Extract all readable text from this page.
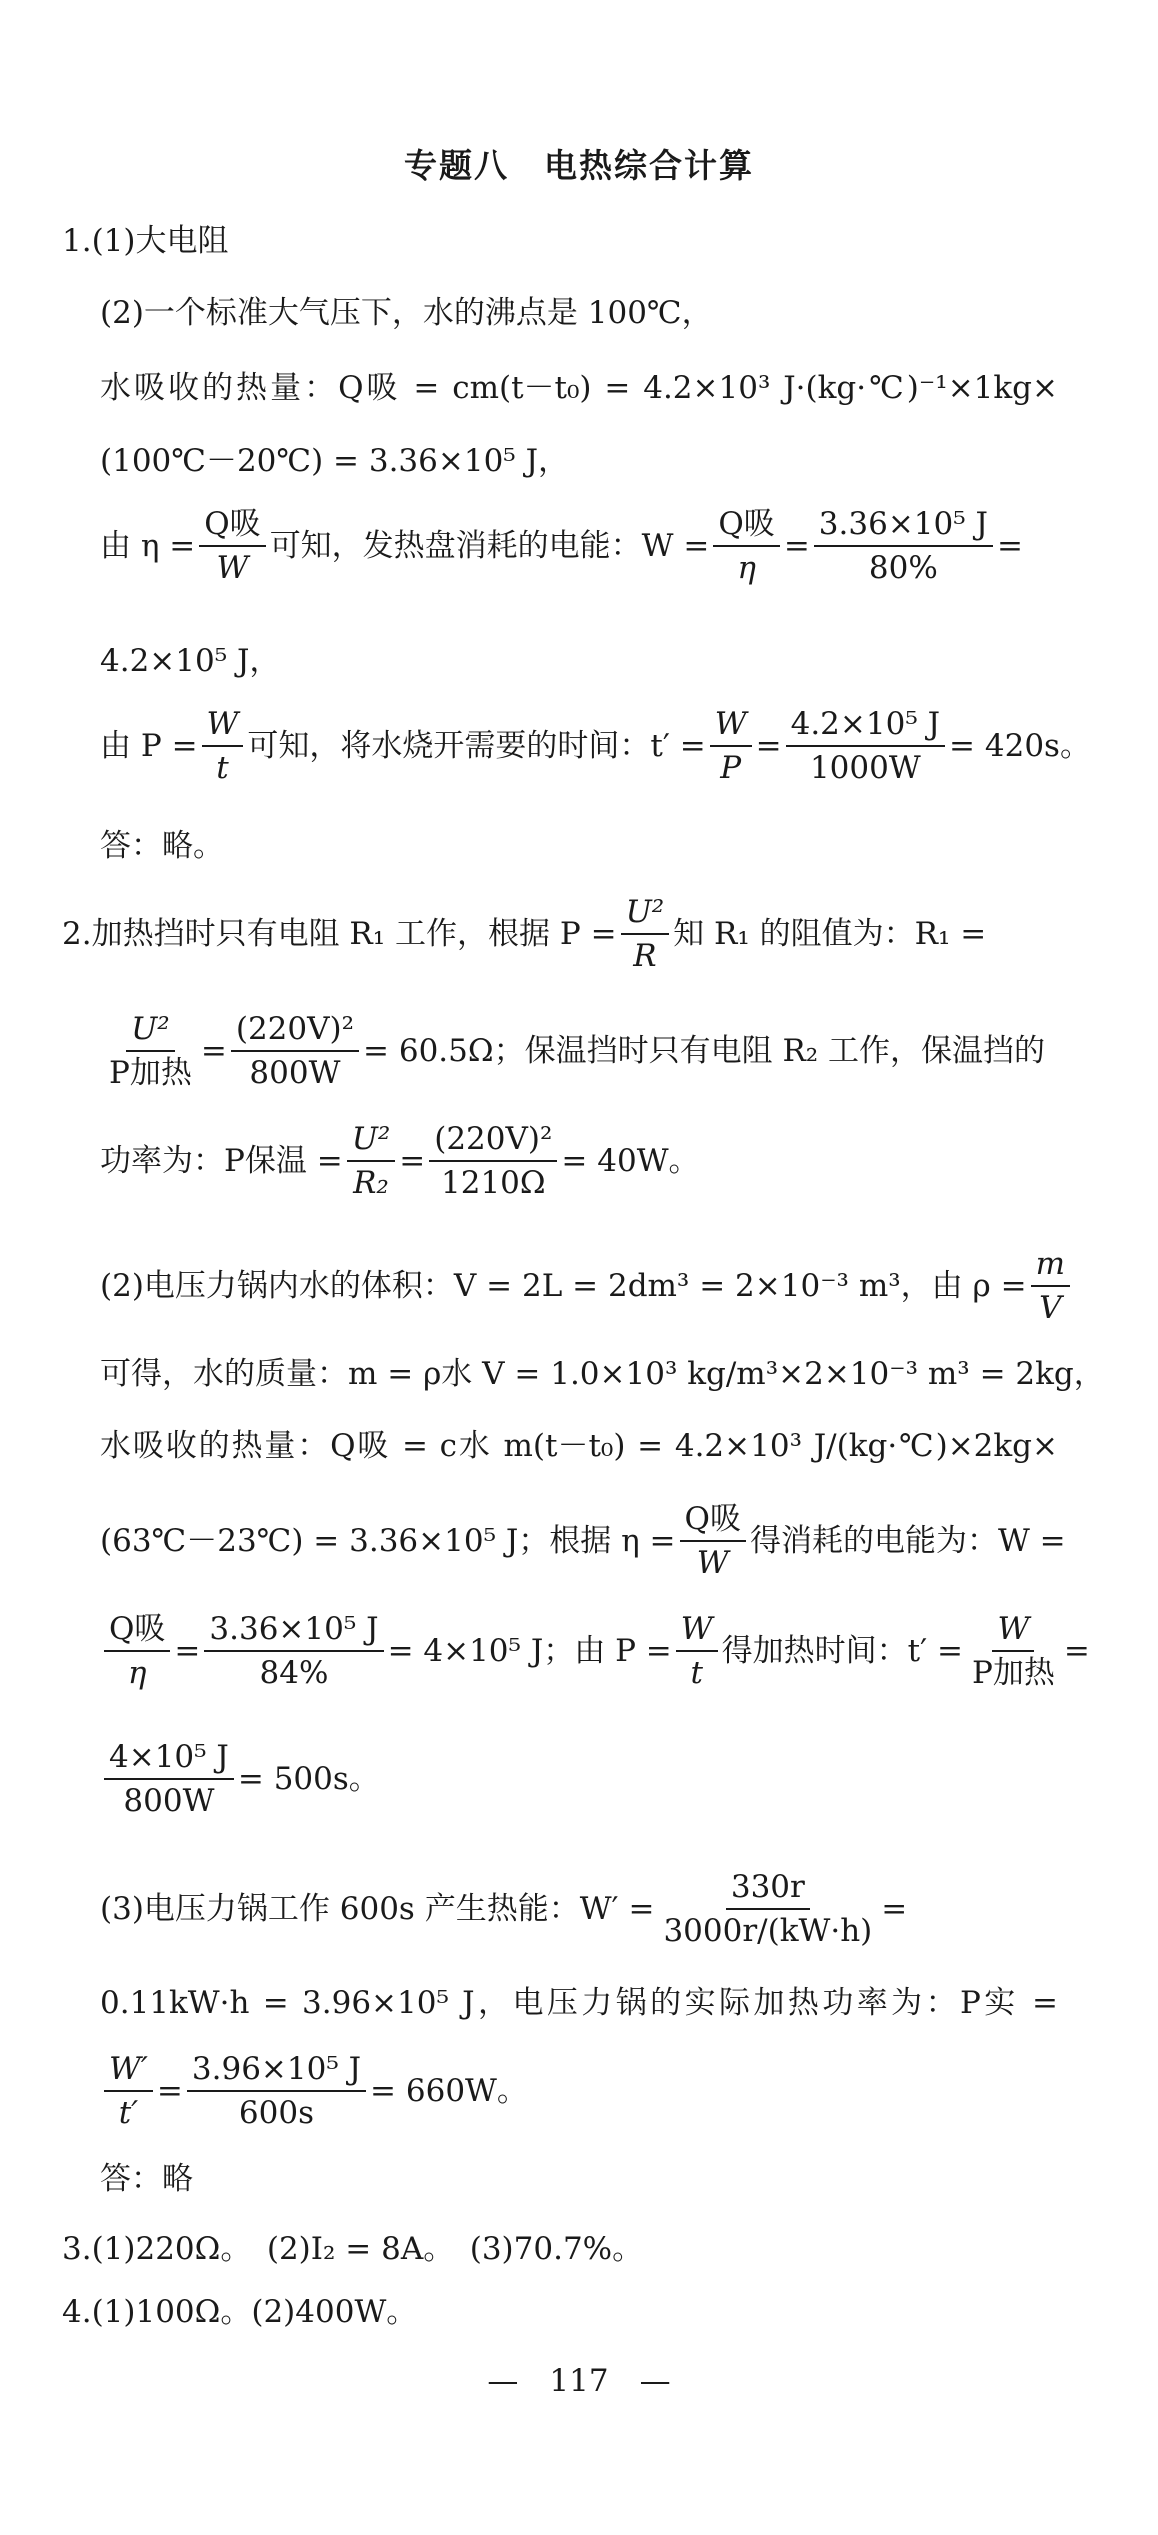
专题八　电热综合计算
1.(1)大电阻
(2)一个标准大气压下，水的沸点是 100℃，
水吸收的热量：Q吸 = cm(t－t₀) = 4.2×10³ J·(kg·℃)⁻¹×1kg×
(100℃－20℃) = 3.36×10⁵ J，
由 $\eta = \frac{\text{Q吸}}{W}$ 可知，发热盘消耗的电能：$W = \frac{\text{Q吸}}{\eta} = \frac{\text{3.36×10⁵ J}}{80\%}$ =
4.2×10⁵ J，
由 $P = \frac{W}{t}$ 可知，将水烧开需要的时间：$t' = \frac{W}{P} = \frac{\text{4.2×10⁵ J}}{1000W} = 420s$。
答：略。
2.加热挡时只有电阻 R₁ 工作，根据 $P = \frac{\text{U²}}{R}$ 知 R₁ 的阻值为：R₁ =
$\frac{\text{U²}}{\text{P加热}} = \frac{\text{(220V)²}}{800W} = 60.5\Omega$；保温挡时只有电阻 R₂ 工作，保温挡的
功率为：P保温 = $\frac{\text{U²}}{\text{R₂}} = \frac{\text{(220V)²}}{1210\Omega} = 40W$。
(2)电压力锅内水的体积：V = 2L = 2dm³ = 2×10⁻³ m³，由 $\rho = \frac{m}{V}$
可得，水的质量：m = ρ水 V = 1.0×10³ kg/m³×2×10⁻³ m³ = 2kg，
水吸收的热量：Q吸 = c水 m(t－t₀) = 4.2×10³ J/(kg·℃)×2kg×
(63℃－23℃) = 3.36×10⁵ J；根据 $\eta = \frac{\text{Q吸}}{W}$ 得消耗的电能为：W =
$\frac{\text{Q吸}}{\eta} = \frac{\text{3.36×10⁵ J}}{84\%} = 4\times 10^5$ J；由 $P = \frac{W}{t}$ 得加热时间：$t' = \frac{W}{\text{P加热}}$ =
$\frac{\text{4×10⁵ J}}{800W} = 500s$。
(3)电压力锅工作 600s 产生热能：$W' = \frac{330r}{3000r/(kW\cdot h)}$ =
0.11kW·h = 3.96×10⁵ J，电压力锅的实际加热功率为：P实 =
$\frac{W'}{t'} = \frac{\text{3.96×10⁵ J}}{600s} = 660W$。
答：略
3.(1)220Ω。　(2)I₂ = 8A。　(3)70.7%。
4.(1)100Ω。(2)400W。
—　117　—
